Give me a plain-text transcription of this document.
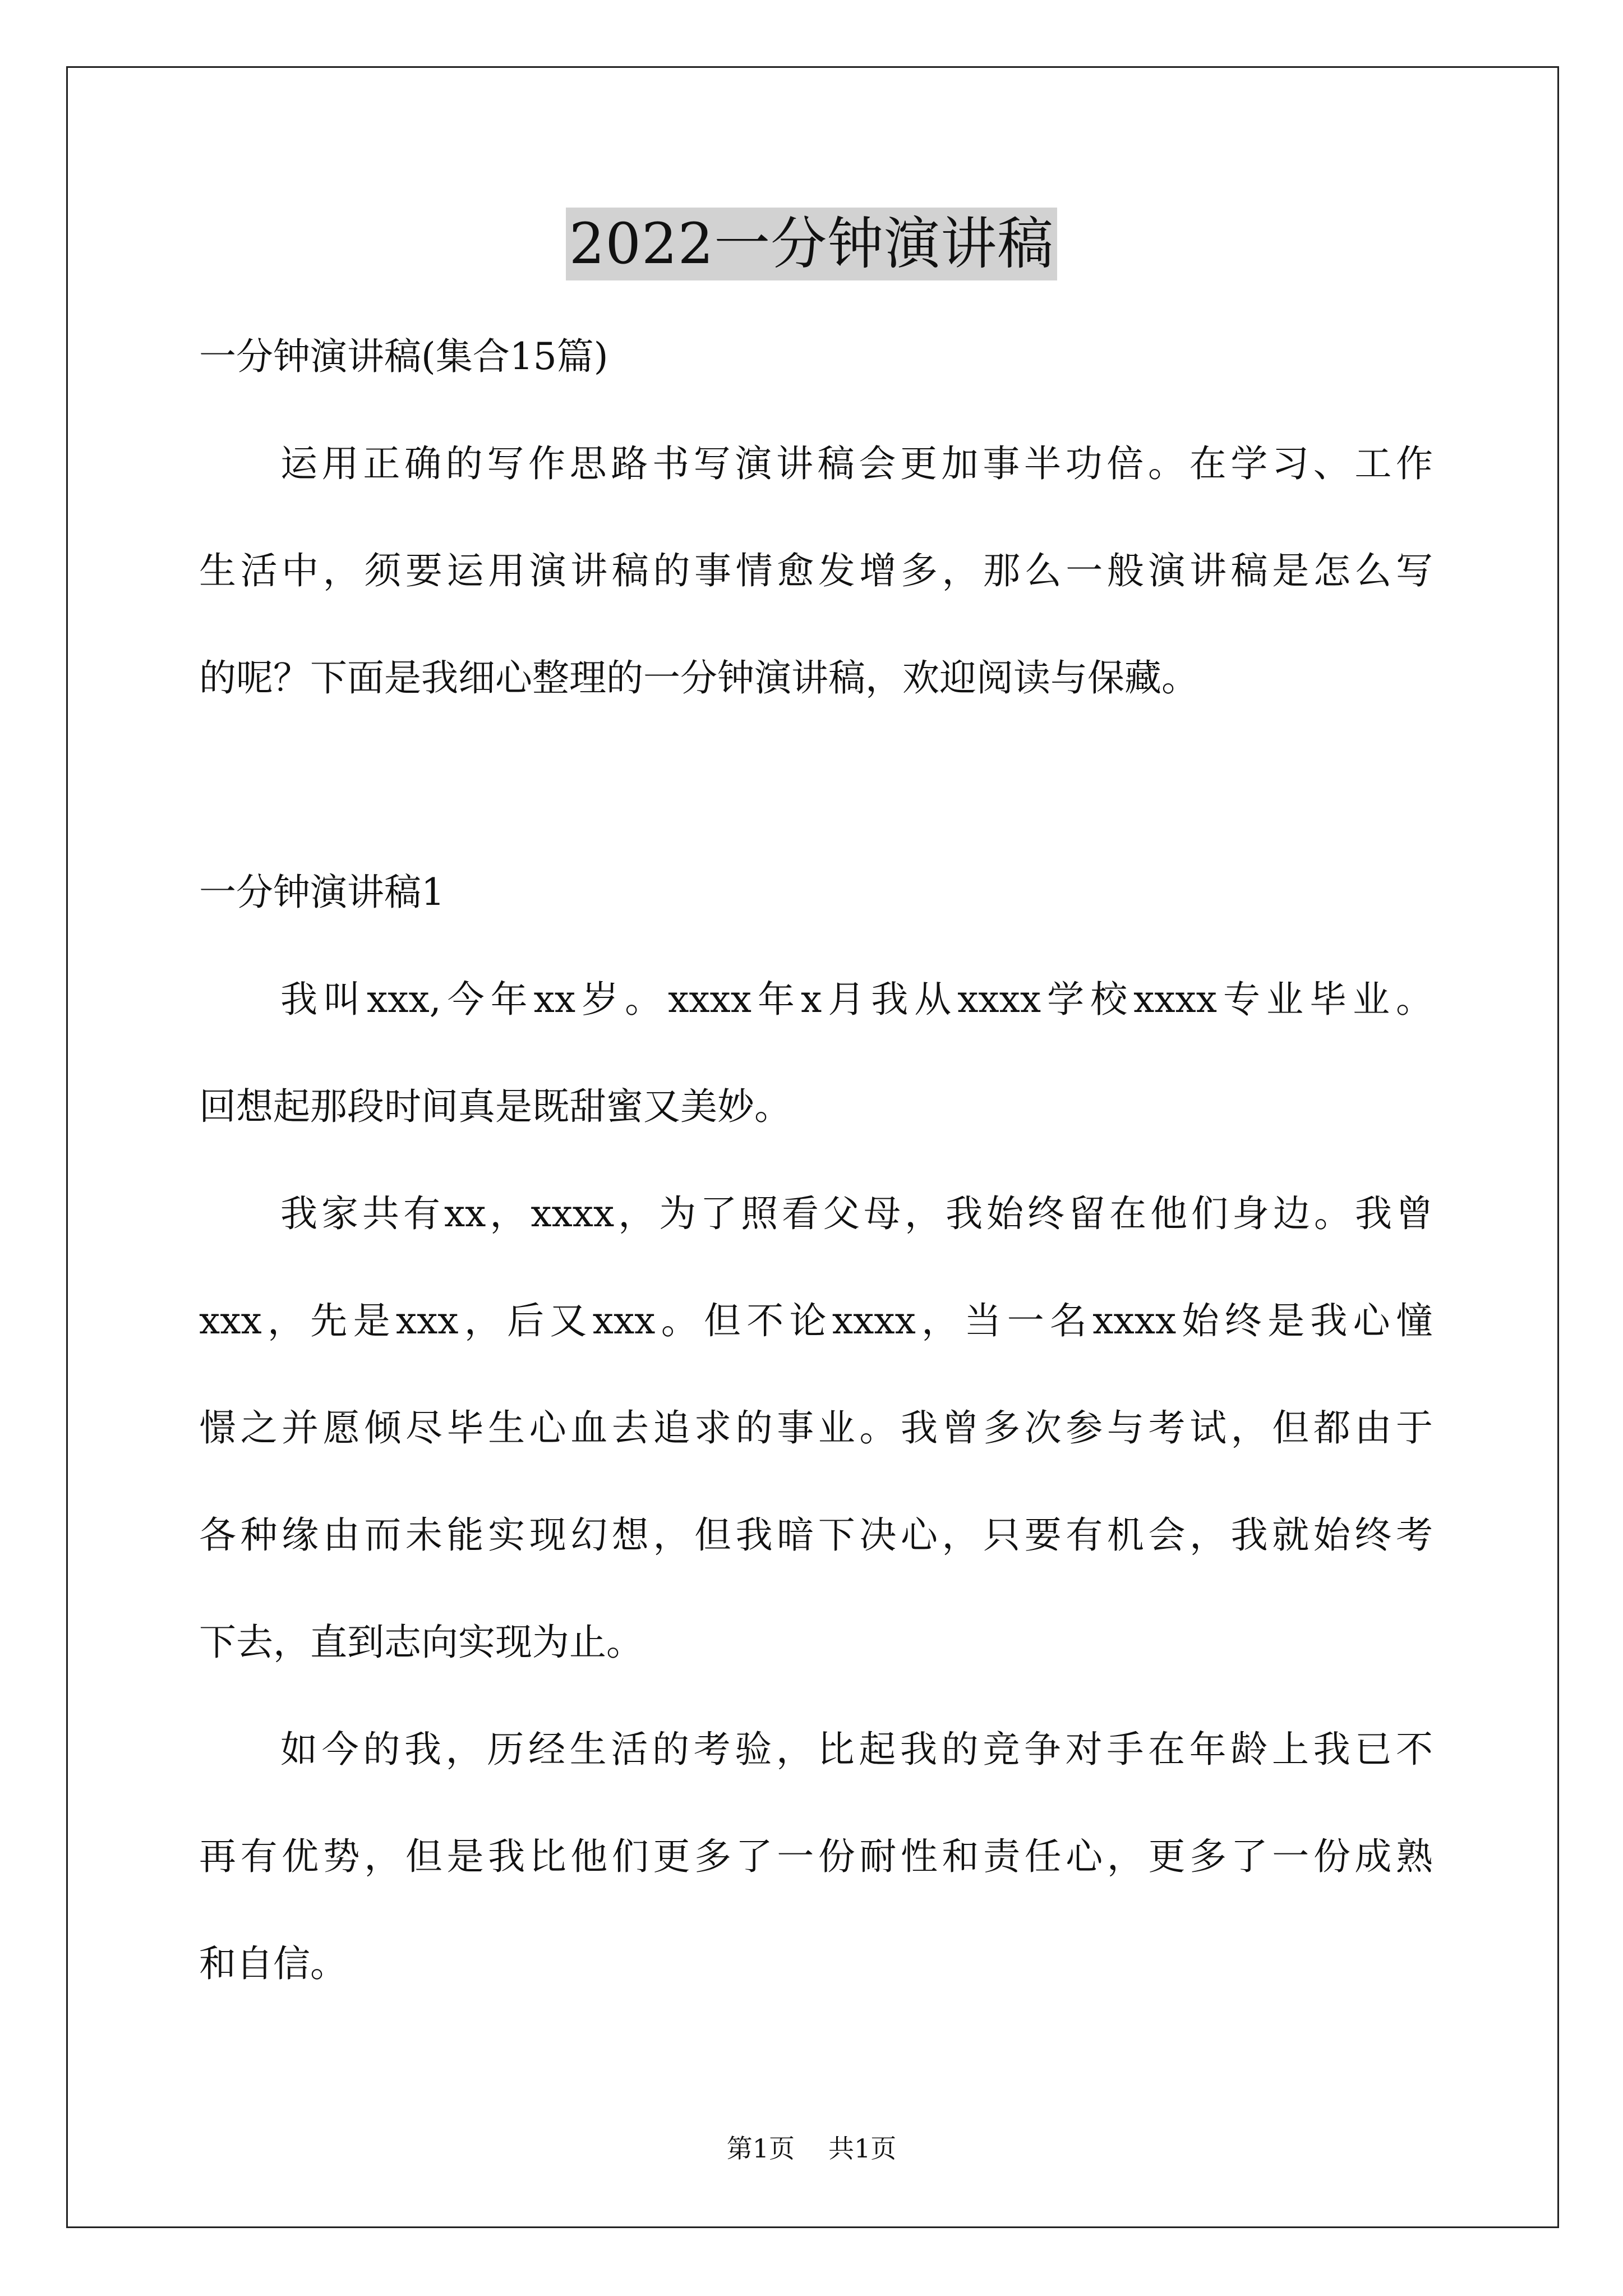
2022一分钟演讲稿
一分钟演讲稿(集合15篇)
运用正确的写作思路书写演讲稿会更加事半功倍。在学习、工作
生活中，须要运用演讲稿的事情愈发增多，那么一般演讲稿是怎么写
的呢？下面是我细心整理的一分钟演讲稿，欢迎阅读与保藏。
一分钟演讲稿1
我叫xxx,今年xx岁。xxxx年x月我从xxxx学校xxxx专业毕业。
回想起那段时间真是既甜蜜又美妙。
我家共有xx，xxxx，为了照看父母，我始终留在他们身边。我曾
xxx，先是xxx，后又xxx。但不论xxxx，当一名xxxx始终是我心憧
憬之并愿倾尽毕生心血去追求的事业。我曾多次参与考试，但都由于
各种缘由而未能实现幻想，但我暗下决心，只要有机会，我就始终考
下去，直到志向实现为止。
如今的我，历经生活的考验，比起我的竞争对手在年龄上我已不
再有优势，但是我比他们更多了一份耐性和责任心，更多了一份成熟
和自信。
第1页 共1页
